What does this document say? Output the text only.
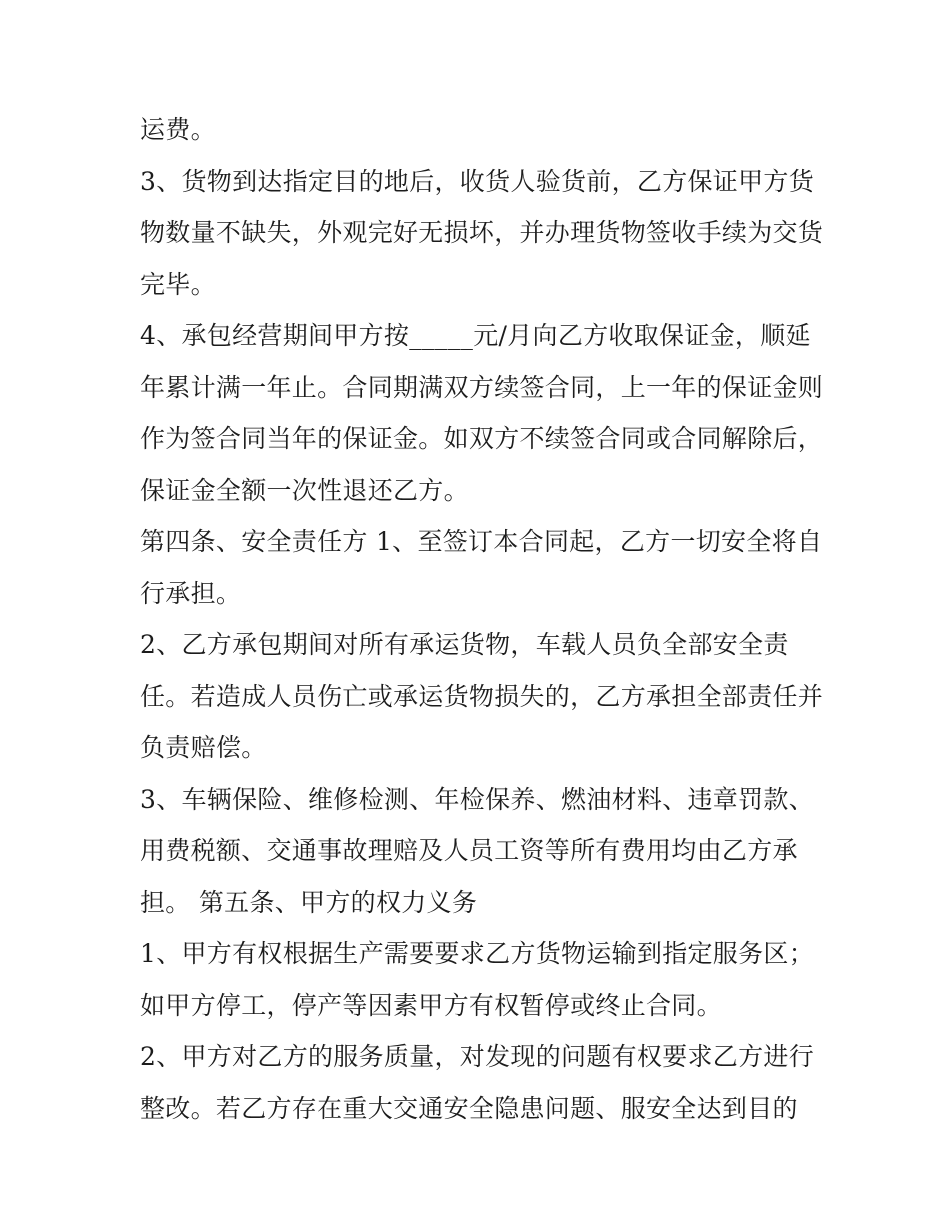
运费。
3、货物到达指定目的地后，收货人验货前，乙方保证甲方货
物数量不缺失，外观完好无损坏，并办理货物签收手续为交货
完毕。
4、承包经营期间甲方按_____元/月向乙方收取保证金，顺延
年累计满一年止。合同期满双方续签合同，上一年的保证金则
作为签合同当年的保证金。如双方不续签合同或合同解除后，
保证金全额一次性退还乙方。
第四条、安全责任方 1、至签订本合同起，乙方一切安全将自
行承担。
2、乙方承包期间对所有承运货物，车载人员负全部安全责
任。若造成人员伤亡或承运货物损失的，乙方承担全部责任并
负责赔偿。
3、车辆保险、维修检测、年检保养、燃油材料、违章罚款、
用费税额、交通事故理赔及人员工资等所有费用均由乙方承
担。 第五条、甲方的权力义务
1、甲方有权根据生产需要要求乙方货物运输到指定服务区；
如甲方停工，停产等因素甲方有权暂停或终止合同。
2、甲方对乙方的服务质量，对发现的问题有权要求乙方进行
整改。若乙方存在重大交通安全隐患问题、服安全达到目的
